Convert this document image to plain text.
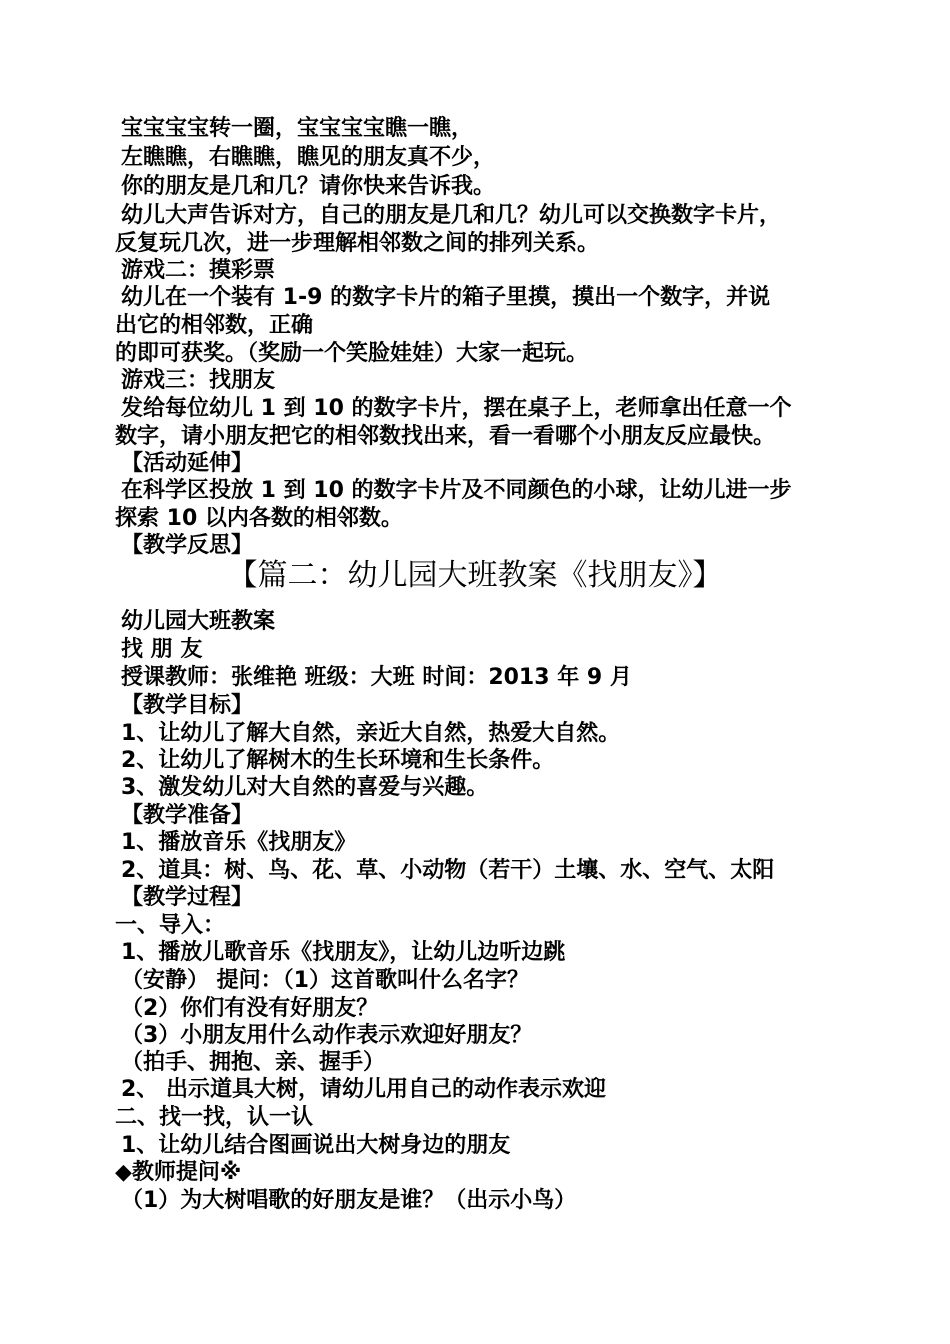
宝宝宝宝转一圈，宝宝宝宝瞧一瞧，
左瞧瞧，右瞧瞧，瞧见的朋友真不少，
你的朋友是几和几？请你快来告诉我。
幼儿大声告诉对方，自己的朋友是几和几？幼儿可以交换数字卡片，
反复玩几次，进一步理解相邻数之间的排列关系。
游戏二：摸彩票
幼儿在一个装有 1-9 的数字卡片的箱子里摸，摸出一个数字，并说
出它的相邻数，正确
的即可获奖。（奖励一个笑脸娃娃）大家一起玩。
游戏三：找朋友
发给每位幼儿 1 到 10 的数字卡片，摆在桌子上，老师拿出任意一个
数字，请小朋友把它的相邻数找出来，看一看哪个小朋友反应最快。
【活动延伸】
在科学区投放 1 到 10 的数字卡片及不同颜色的小球，让幼儿进一步
探索 10 以内各数的相邻数。
【教学反思】
【篇二：幼儿园大班教案《找朋友》】
幼儿园大班教案
找 朋 友
授课教师：张维艳 班级：大班 时间：2013 年 9 月
【教学目标】
1、让幼儿了解大自然，亲近大自然，热爱大自然。
2、让幼儿了解树木的生长环境和生长条件。
3、激发幼儿对大自然的喜爱与兴趣。
【教学准备】
1、播放音乐《找朋友》
2、道具：树、鸟、花、草、小动物（若干）土壤、水、空气、太阳
【教学过程】
一、导入：
1、播放儿歌音乐《找朋友》，让幼儿边听边跳
（安静） 提问：（1）这首歌叫什么名字？
（2）你们有没有好朋友？
（3）小朋友用什么动作表示欢迎好朋友？
（拍手、拥抱、亲、握手）
2、 出示道具大树，请幼儿用自己的动作表示欢迎
二、找一找，认一认
1、让幼儿结合图画说出大树身边的朋友
◆教师提问※
（1）为大树唱歌的好朋友是谁？（出示小鸟）
